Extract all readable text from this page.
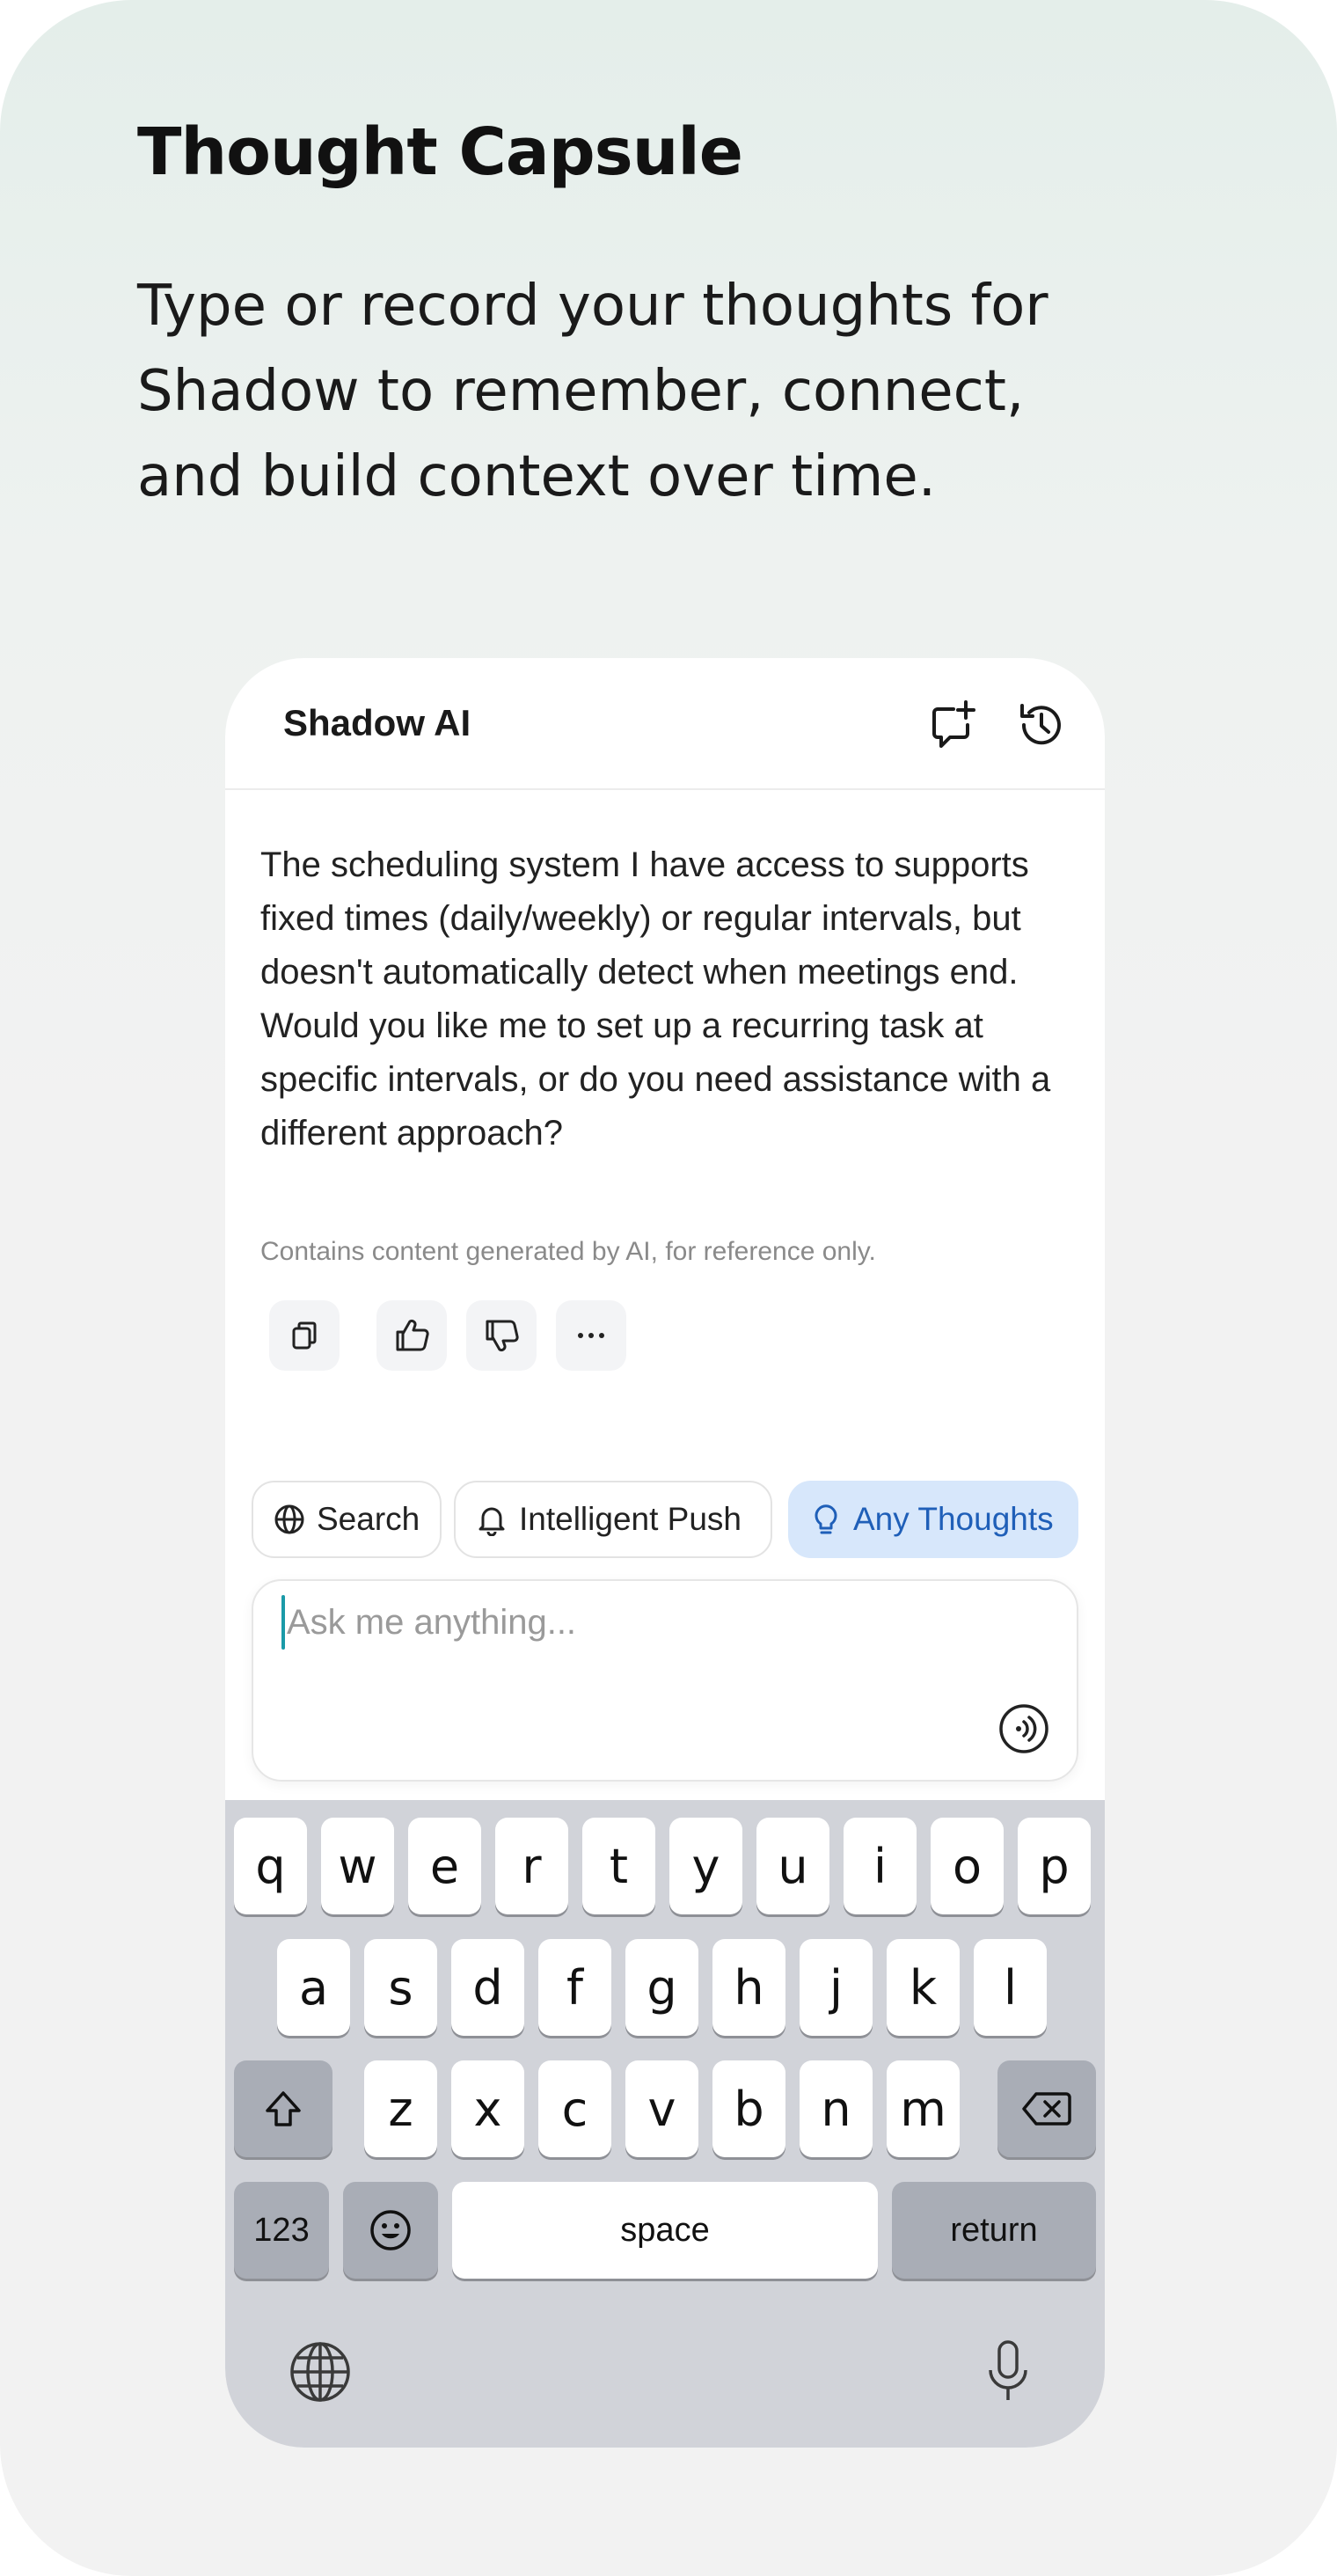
Thought Capsule
Type or record your thoughts for Shadow to remember, connect, and build context over time.
Shadow AI
The scheduling system I have access to supports fixed times (daily/weekly) or regular intervals, but doesn't automatically detect when meetings end. Would you like me to set up a recurring task at specific intervals, or do you need assistance with a different approach?
Contains content generated by AI, for reference only.
Search	Intelligent Push	Any Thoughts
Ask me anything...
q	w	e	r	t	y	u	i	o	p
a	s	d	f	g	h	j	k	l
z	x	c	v	b	n	m
123	space	return
